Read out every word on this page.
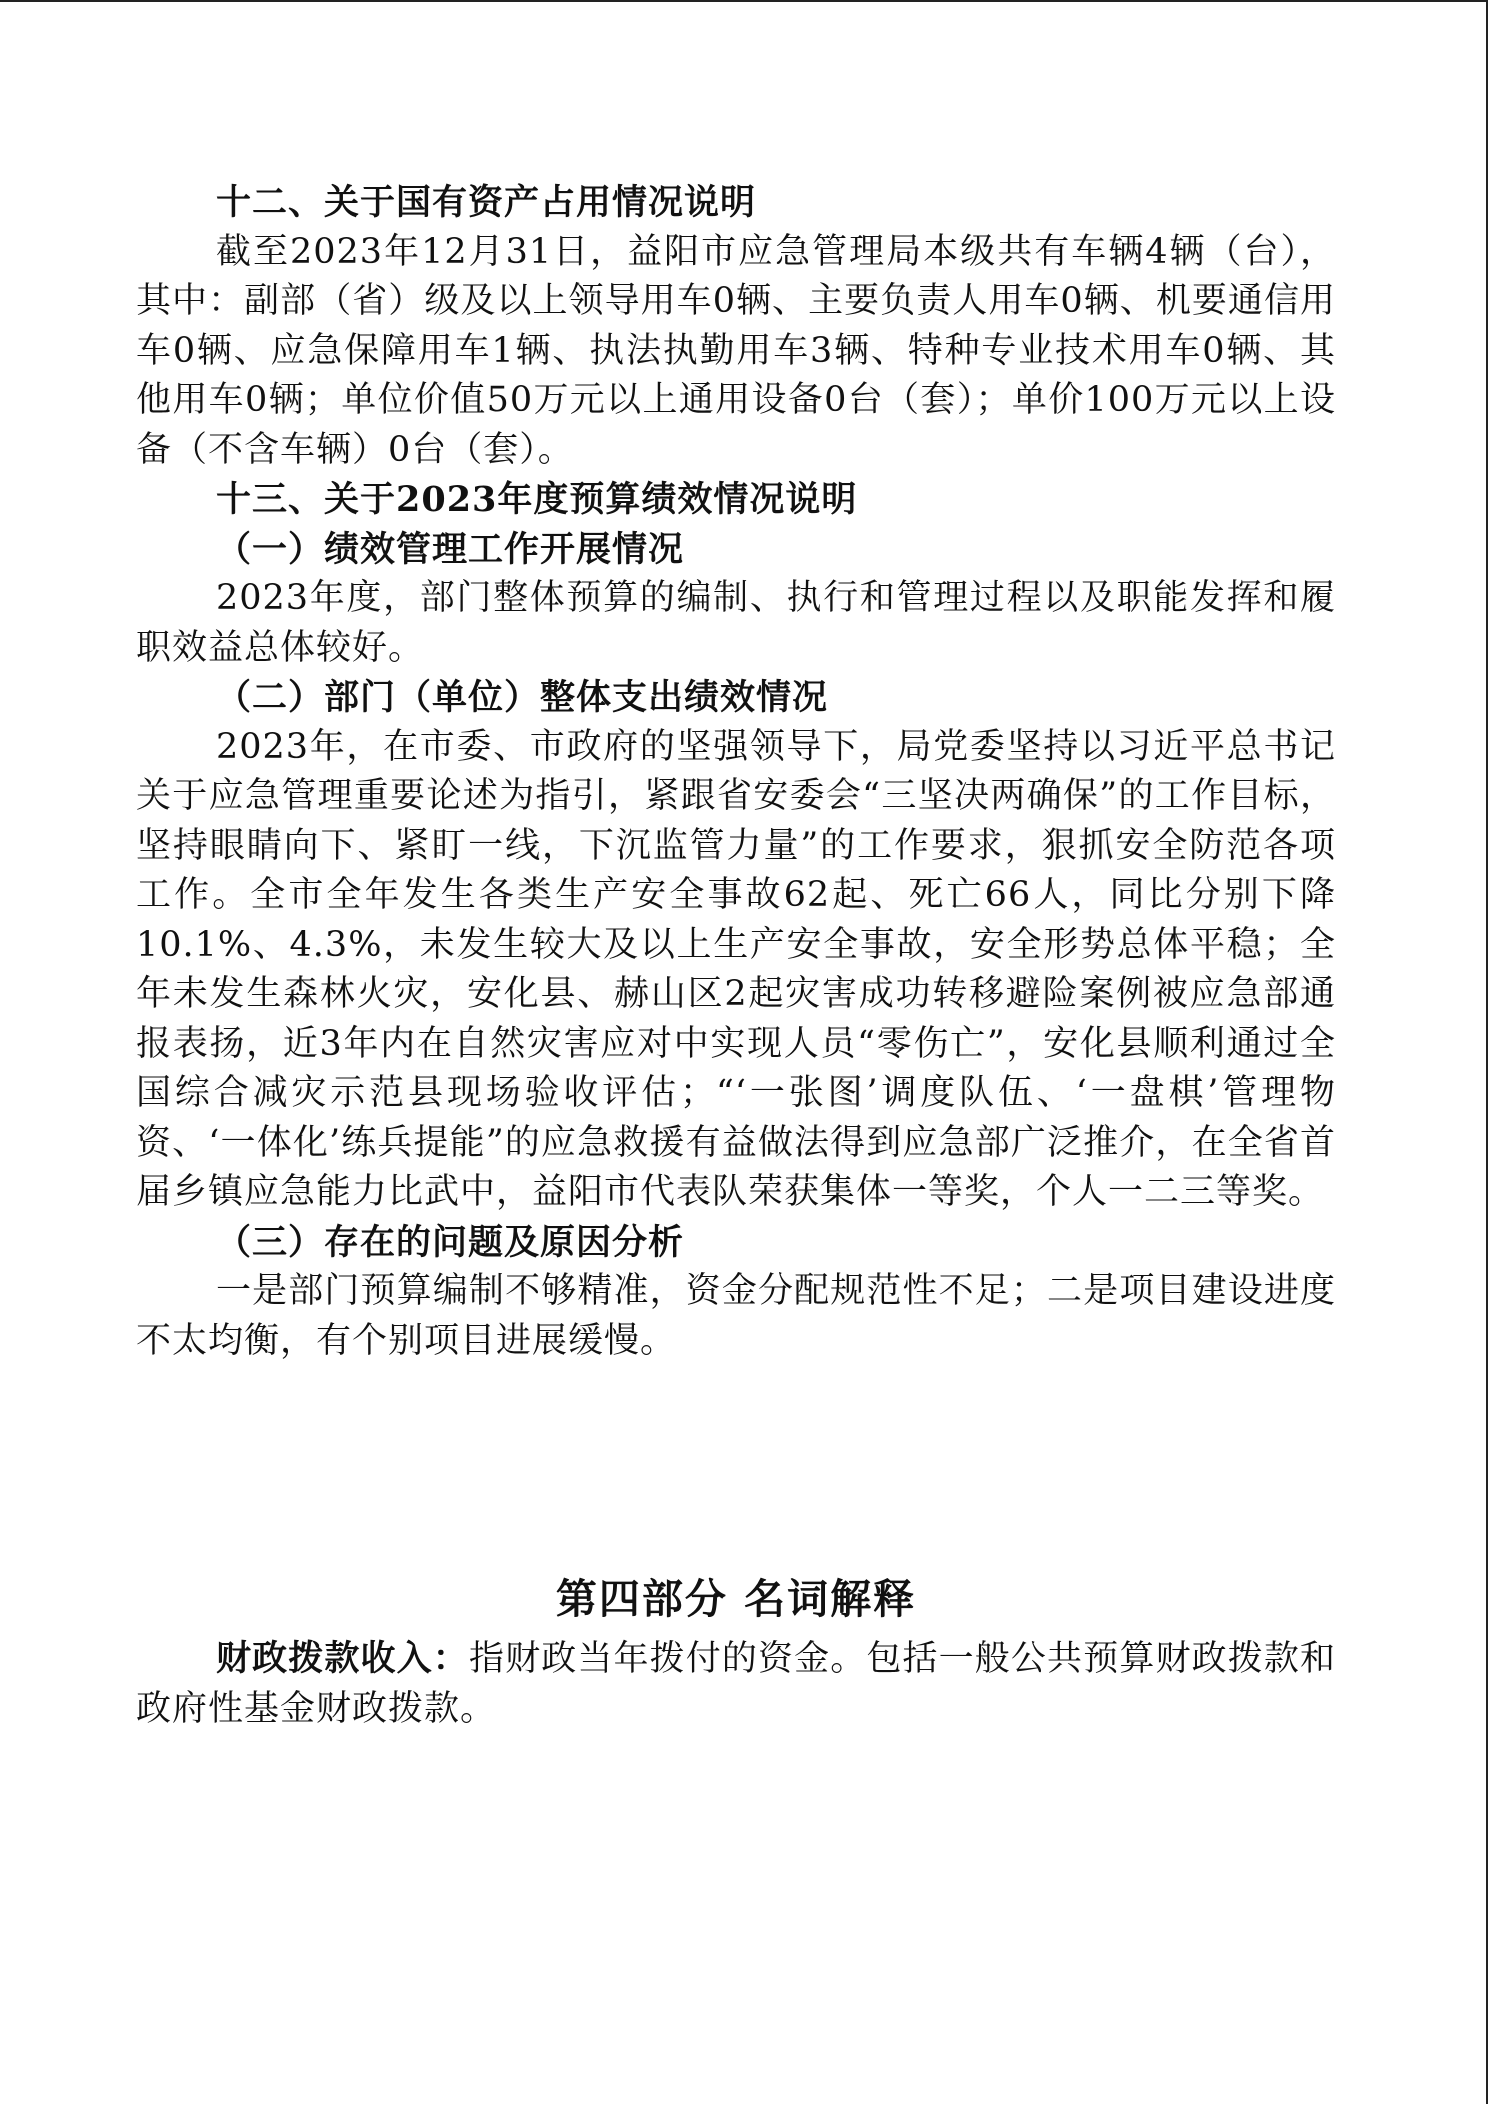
十二、关于国有资产占用情况说明

截至2023年12月31日，益阳市应急管理局本级共有车辆4辆（台），其中：副部（省）级及以上领导用车0辆、主要负责人用车0辆、机要通信用车0辆、应急保障用车1辆、执法执勤用车3辆、特种专业技术用车0辆、其他用车0辆；单位价值50万元以上通用设备0台（套）；单价100万元以上设备（不含车辆）0台（套）。

十三、关于2023年度预算绩效情况说明
（一）绩效管理工作开展情况

2023年度，部门整体预算的编制、执行和管理过程以及职能发挥和履职效益总体较好。

（二）部门（单位）整体支出绩效情况

2023年，在市委、市政府的坚强领导下，局党委坚持以习近平总书记关于应急管理重要论述为指引，紧跟省安委会“三坚决两确保”的工作目标，坚持眼睛向下、紧盯一线，下沉监管力量”的工作要求，狠抓安全防范各项工作。全市全年发生各类生产安全事故62起、死亡66人，同比分别下降10.1%、4.3%，未发生较大及以上生产安全事故，安全形势总体平稳；全年未发生森林火灾，安化县、赫山区2起灾害成功转移避险案例被应急部通报表扬，近3年内在自然灾害应对中实现人员“零伤亡”，安化县顺利通过全国综合减灾示范县现场验收评估；“‘一张图’调度队伍、‘一盘棋’管理物资、‘一体化’练兵提能”的应急救援有益做法得到应急部广泛推介，在全省首届乡镇应急能力比武中，益阳市代表队荣获集体一等奖，个人一二三等奖。

（三）存在的问题及原因分析

一是部门预算编制不够精准，资金分配规范性不足；二是项目建设进度不太均衡，有个别项目进展缓慢。

第四部分 名词解释

财政拨款收入：指财政当年拨付的资金。包括一般公共预算财政拨款和政府性基金财政拨款。
